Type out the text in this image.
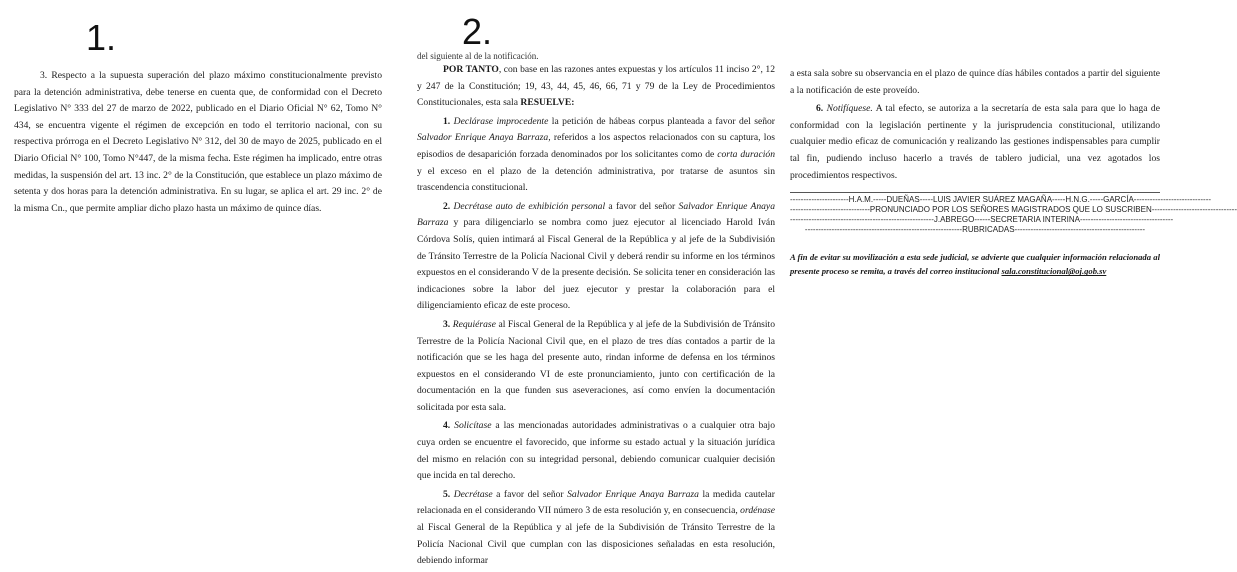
1.	2.
3. Respecto a la supuesta superación del plazo máximo constitucionalmente previsto para la detención administrativa, debe tenerse en cuenta que, de conformidad con el Decreto Legislativo N° 333 del 27 de marzo de 2022, publicado en el Diario Oficial N° 62, Tomo N° 434, se encuentra vigente el régimen de excepción en todo el territorio nacional, con su respectiva prórroga en el Decreto Legislativo N° 312, del 30 de mayo de 2025, publicado en el Diario Oficial N° 100, Tomo N°447, de la misma fecha. Este régimen ha implicado, entre otras medidas, la suspensión del art. 13 inc. 2° de la Constitución, que establece un plazo máximo de setenta y dos horas para la detención administrativa. En su lugar, se aplica el art. 29 inc. 2° de la misma Cn., que permite ampliar dicho plazo hasta un máximo de quince días.
del siguiente al de la notificación.
POR TANTO, con base en las razones antes expuestas y los artículos 11 inciso 2°, 12 y 247 de la Constitución; 19, 43, 44, 45, 46, 66, 71 y 79 de la Ley de Procedimientos Constitucionales, esta sala RESUELVE:
1. Declárase improcedente la petición de hábeas corpus planteada a favor del señor Salvador Enrique Anaya Barraza, referidos a los aspectos relacionados con su captura, los episodios de desaparición forzada denominados por los solicitantes como de corta duración y el exceso en el plazo de la detención administrativa, por tratarse de asuntos sin trascendencia constitucional.
2. Decrétase auto de exhibición personal a favor del señor Salvador Enrique Anaya Barraza y para diligenciarlo se nombra como juez ejecutor al licenciado Harold Iván Córdova Solís, quien intimará al Fiscal General de la República y al jefe de la Subdivisión de Tránsito Terrestre de la Policía Nacional Civil y deberá rendir su informe en los términos expuestos en el considerando V de la presente decisión. Se solicita tener en consideración las indicaciones sobre la labor del juez ejecutor y prestar la colaboración para el diligenciamiento eficaz de este proceso.
3. Requiérase al Fiscal General de la República y al jefe de la Subdivisión de Tránsito Terrestre de la Policía Nacional Civil que, en el plazo de tres días contados a partir de la notificación que se les haga del presente auto, rindan informe de defensa en los términos expuestos en el considerando VI de este pronunciamiento, junto con certificación de la documentación en la que funden sus aseveraciones, así como envíen la documentación solicitada por esta sala.
4. Solicítase a las mencionadas autoridades administrativas o a cualquier otra bajo cuya orden se encuentre el favorecido, que informe su estado actual y la situación jurídica del mismo en relación con su integridad personal, debiendo comunicar cualquier decisión que incida en tal derecho.
5. Decrétase a favor del señor Salvador Enrique Anaya Barraza la medida cautelar relacionada en el considerando VII número 3 de esta resolución y, en consecuencia, ordénase al Fiscal General de la República y al jefe de la Subdivisión de Tránsito Terrestre de la Policía Nacional Civil que cumplan con las disposiciones señaladas en esta resolución, debiendo informar
a esta sala sobre su observancia en el plazo de quince días hábiles contados a partir del siguiente a la notificación de este proveído.
6. Notifíquese. A tal efecto, se autoriza a la secretaría de esta sala para que lo haga de conformidad con la legislación pertinente y la jurisprudencia constitucional, utilizando cualquier medio eficaz de comunicación y realizando las gestiones indispensables para cumplir tal fin, pudiendo incluso hacerlo a través de tablero judicial, una vez agotados los procedimientos respectivos.
----------------------H.A.M.-----DUEÑAS-----LUIS JAVIER SUÁREZ MAGAÑA-----H.N.G.-----GARCÍA-----------------------------
------------------------------PRONUNCIADO POR LOS SEÑORES MAGISTRADOS QUE LO SUSCRIBEN--------------------------------
------------------------------------------------------J.ABREGO------SECRETARIA INTERINA-----------------------------------
-----------------------------------------------------------RUBRICADAS-------------------------------------------------
A fin de evitar su movilización a esta sede judicial, se advierte que cualquier información relacionada al presente proceso se remita, a través del correo institucional sala.constitucional@oj.gob.sv
